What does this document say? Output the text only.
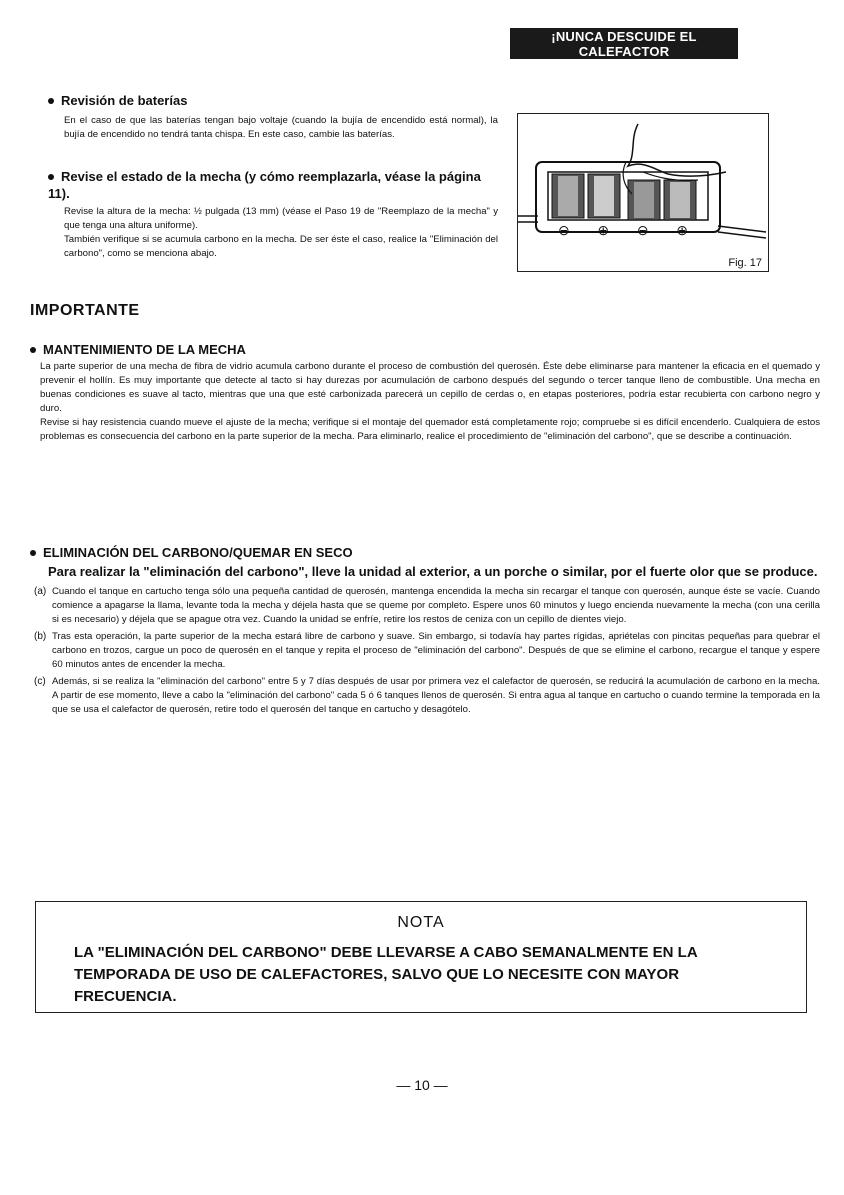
¡NUNCA DESCUIDE EL CALEFACTOR
DURANTE SU FUNCIONAMIENTO!
Revisión de baterías
En el caso de que las baterías tengan bajo voltaje (cuando la bujía de encendido está normal), la bujía de encendido no tendrá tanta chispa. En este caso, cambie las baterías.
Revise el estado de la mecha (y cómo reemplazarla, véase la página 11).
Revise la altura de la mecha: ½ pulgada (13 mm) (véase el Paso 19 de "Reemplazo de la mecha" y que tenga una altura uniforme).
También verifique si se acumula carbono en la mecha. De ser éste el caso, realice la "Eliminación del carbono", como se menciona abajo.
⊖ ⊕ ⊖ ⊕
Fig. 17
IMPORTANTE
MANTENIMIENTO DE LA MECHA
La parte superior de una mecha de fibra de vidrio acumula carbono durante el proceso de combustión del querosén. Éste debe eliminarse para mantener la eficacia en el quemado y prevenir el hollín. Es muy importante que detecte al tacto si hay durezas por acumulación de carbono después del segundo o tercer tanque lleno de combustible. Una mecha en buenas condiciones es suave al tacto, mientras que una que esté carbonizada parecerá un cepillo de cerdas o, en etapas posteriores, podría estar recubierta con carbono negro y duro.
Revise si hay resistencia cuando mueve el ajuste de la mecha; verifique si el montaje del quemador está completamente rojo; compruebe si es difícil encenderlo. Cualquiera de estos problemas es consecuencia del carbono en la parte superior de la mecha. Para eliminarlo, realice el procedimiento de "eliminación del carbono", que se describe a continuación.
ELIMINACIÓN DEL CARBONO/QUEMAR EN SECO
Para realizar la "eliminación del carbono", lleve la unidad al exterior, a un porche o similar, por el fuerte olor que se produce.
(a) Cuando el tanque en cartucho tenga sólo una pequeña cantidad de querosén, mantenga encendida la mecha sin recargar el tanque con querosén, aunque éste se vacíe. Cuando comience a apagarse la llama, levante toda la mecha y déjela hasta que se queme por completo. Espere unos 60 minutos y luego encienda nuevamente la mecha (con una cerilla si es necesario) y déjela que se apague otra vez. Cuando la unidad se enfríe, retire los restos de ceniza con un cepillo de dientes viejo.
(b) Tras esta operación, la parte superior de la mecha estará libre de carbono y suave. Sin embargo, si todavía hay partes rígidas, apriételas con pincitas pequeñas para quebrar el carbono en trozos, cargue un poco de querosén en el tanque y repita el proceso de "eliminación del carbono". Después de que se elimine el carbono, recargue el tanque y espere 60 minutos antes de encender la mecha.
(c) Además, si se realiza la "eliminación del carbono" entre 5 y 7 días después de usar por primera vez el calefactor de querosén, se reducirá la acumulación de carbono en la mecha. A partir de ese momento, lleve a cabo la "eliminación del carbono" cada 5 ó 6 tanques llenos de querosén. Si entra agua al tanque en cartucho o cuando termine la temporada en la que se usa el calefactor de querosén, retire todo el querosén del tanque en cartucho y desagótelo.
NOTA
LA "ELIMINACIÓN DEL CARBONO" DEBE LLEVARSE A CABO SEMANALMENTE EN LA TEMPORADA DE USO DE CALEFACTORES, SALVO QUE LO NECESITE CON MAYOR FRECUENCIA.
— 10 —
